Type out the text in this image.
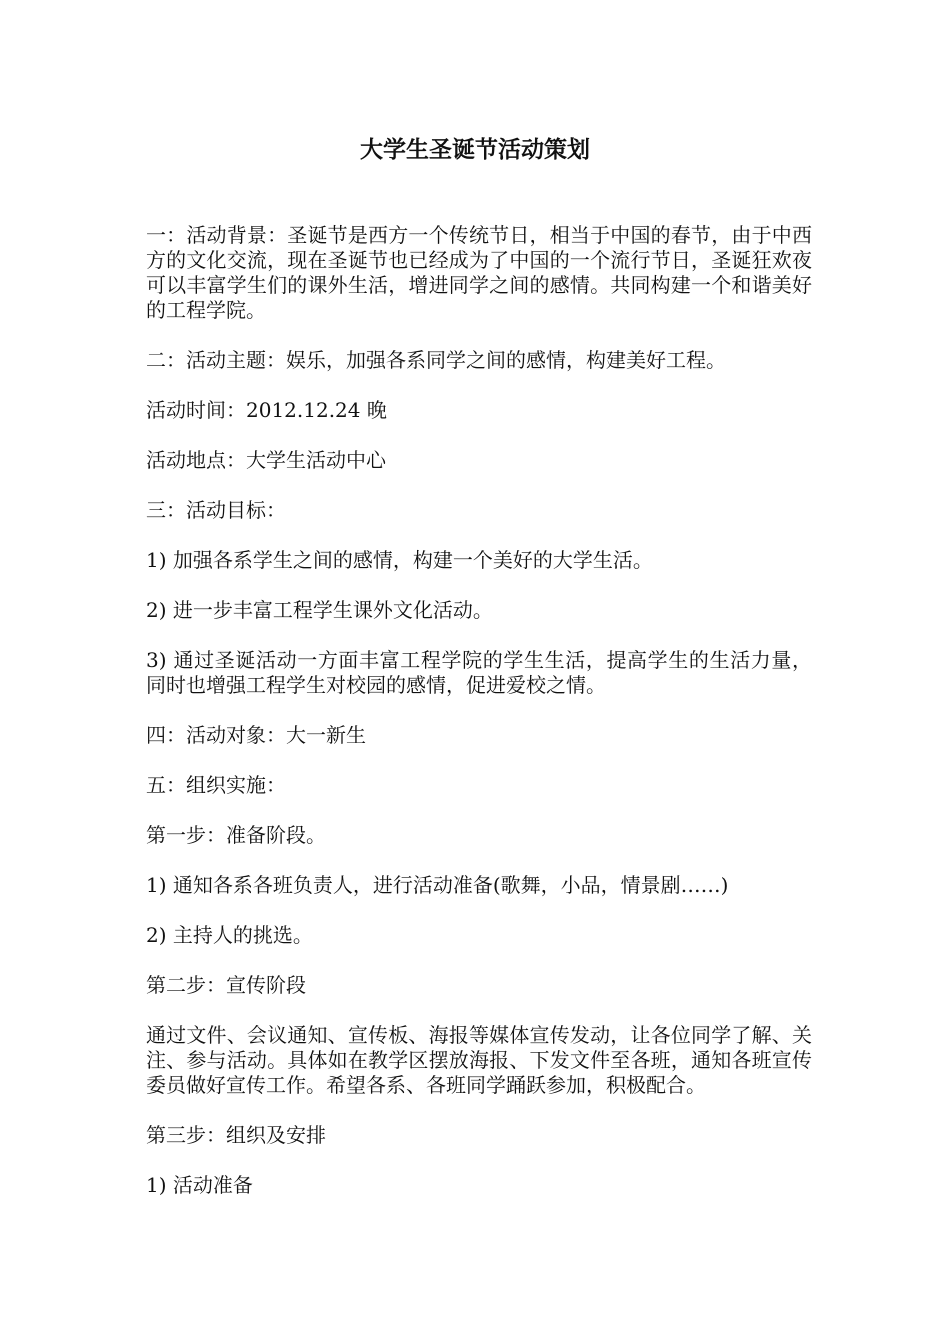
大学生圣诞节活动策划

一：活动背景：圣诞节是西方一个传统节日，相当于中国的春节，由于中西方的文化交流，现在圣诞节也已经成为了中国的一个流行节日，圣诞狂欢夜可以丰富学生们的课外生活，增进同学之间的感情。共同构建一个和谐美好的工程学院。

二：活动主题：娱乐，加强各系同学之间的感情，构建美好工程。

活动时间：2012.12.24 晚

活动地点：大学生活动中心

三：活动目标：

1) 加强各系学生之间的感情，构建一个美好的大学生活。

2) 进一步丰富工程学生课外文化活动。

3) 通过圣诞活动一方面丰富工程学院的学生生活，提高学生的生活力量，同时也增强工程学生对校园的感情，促进爱校之情。

四：活动对象：大一新生

五：组织实施：

第一步：准备阶段。

1) 通知各系各班负责人，进行活动准备(歌舞，小品，情景剧……)

2) 主持人的挑选。

第二步：宣传阶段

通过文件、会议通知、宣传板、海报等媒体宣传发动，让各位同学了解、关注、参与活动。具体如在教学区摆放海报、下发文件至各班，通知各班宣传委员做好宣传工作。希望各系、各班同学踊跃参加，积极配合。

第三步：组织及安排

1) 活动准备
